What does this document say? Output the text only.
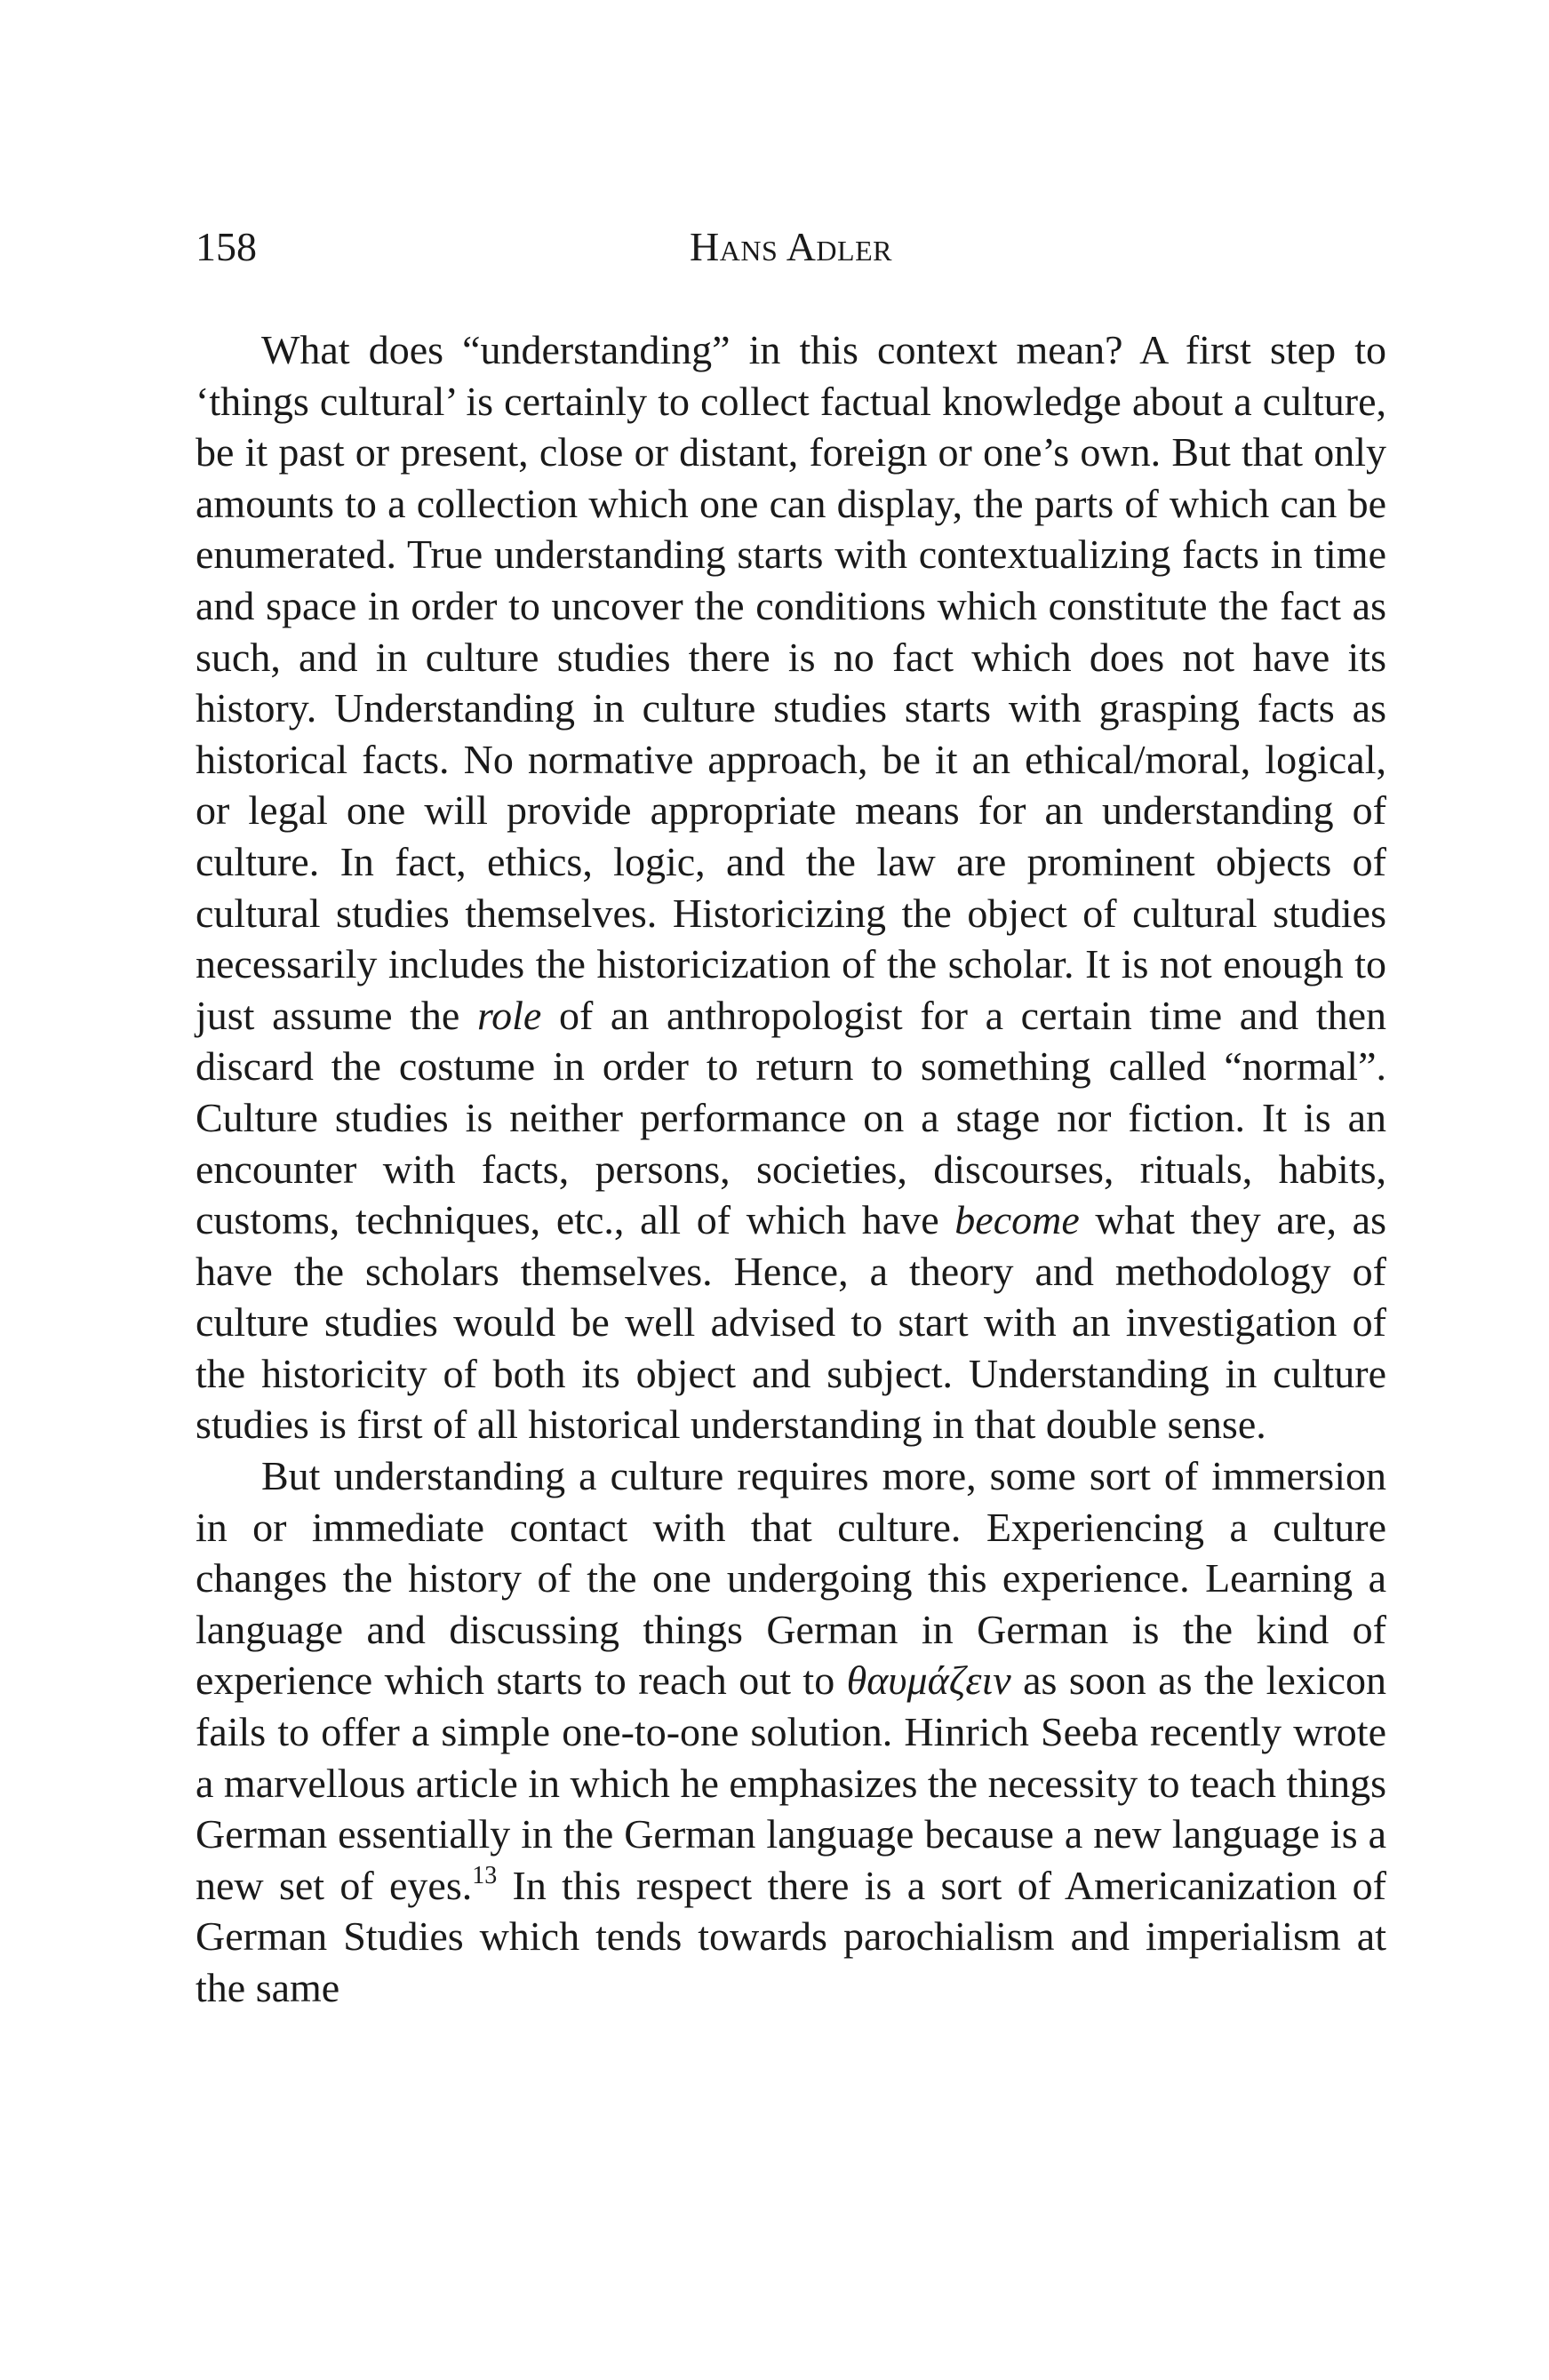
158	Hans Adler

What does “understanding” in this context mean? A first step to ‘things cultural’ is certainly to collect factual knowledge about a culture, be it past or present, close or distant, foreign or one’s own. But that only amounts to a collection which one can display, the parts of which can be enumerated. True understanding starts with contextualizing facts in time and space in order to uncover the conditions which constitute the fact as such, and in culture studies there is no fact which does not have its history. Understanding in culture studies starts with grasping facts as historical facts. No normative approach, be it an ethical/moral, logical, or legal one will provide appropriate means for an understanding of culture. In fact, ethics, logic, and the law are prominent objects of cultural studies themselves. Historicizing the object of cultural studies necessarily includes the historicization of the scholar. It is not enough to just assume the role of an anthropologist for a certain time and then discard the costume in order to return to something called “normal”. Culture studies is neither performance on a stage nor fiction. It is an encounter with facts, persons, societies, discourses, rituals, habits, customs, techniques, etc., all of which have become what they are, as have the scholars themselves. Hence, a theory and methodology of culture studies would be well advised to start with an investigation of the historicity of both its object and subject. Understanding in culture studies is first of all historical understanding in that double sense.

But understanding a culture requires more, some sort of immersion in or immediate contact with that culture. Experiencing a culture changes the history of the one undergoing this experience. Learning a language and discussing things German in German is the kind of experience which starts to reach out to θαυμάζειν as soon as the lexicon fails to offer a simple one-to-one solution. Hinrich Seeba recently wrote a marvellous article in which he emphasizes the necessity to teach things German essentially in the German language because a new language is a new set of eyes.$^{13}$ In this respect there is a sort of Americanization of German Studies which tends towards parochialism and imperialism at the same
